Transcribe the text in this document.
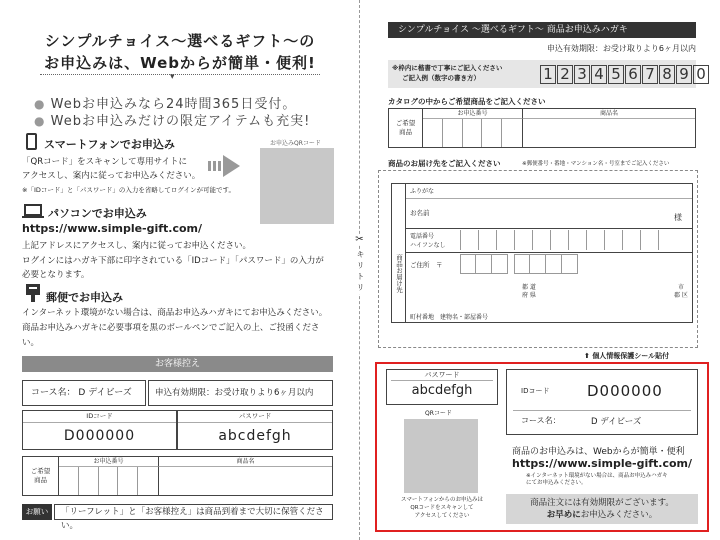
シンプルチョイス～選べるギフト～の
お申込みは、Webからが簡単・便利!
▾
● Webお申込みなら24時間365日受付。
● Webお申込みだけの限定アイテムも充実!
スマートフォンでお申込み
「QRコード」をスキャンして専用サイトに
アクセスし、案内に従ってお申込みください。
※「IDコード」と「パスワード」の入力を省略してログインが可能です。
お申込みQRコード
パソコンでお申込み
https://www.simple-gift.com/
上記アドレスにアクセスし、案内に従ってお申込ください。
ログインにはハガキ下部に印字されている「IDコード」「パスワード」の入力が
必要となります。
郵便でお申込み
インターネット環境がない場合は、商品お申込みハガキにてお申込みください。
商品お申込みハガキに必要事項を黒のボールペンでご記入の上、ご投函くださ
い。
お客様控え
コース名： D デイビーズ	申込有効期限：お受け取りより6ヶ月以内
IDコード
D000000
パスワード
abcdefgh
ご希望
商品
お申込番号	商品名
お願い	「リーフレット」と「お客様控え」は商品到着まで大切に保管ください。
✂
キリトリ
シンプルチョイス ～選べるギフト～ 商品お申込みハガキ
申込有効期限：お受け取りより6ヶ月以内
※枠内に楷書で丁寧にご記入ください
ご記入例（数字の書き方）	1 2 3 4 5 6 7 8 9 0
カタログの中からご希望商品をご記入ください
ご希望
商品
お申込番号	商品名
商品のお届け先をご記入ください	※郵便番号・番地・マンション名・号室までご記入ください
商品お届け先
ふりがな
お名前	様
電話番号
ハイフンなし
ご住所　 〒
都 道
府 県
市
郡 区
町村番地　建物名・部屋番号
⬆ 個人情報保護シール貼付
パスワード
abcdefgh
QRコード
スマートフォンからのお申込みは
QRコードをスキャンして
アクセスしてください
IDコード	D000000
コース名：	D デイビーズ
商品のお申込みは、Webからが簡単・便利
https://www.simple-gift.com/
※インターネット環境がない場合は、商品お申込みハガキ
にてお申込みください。
商品注文には有効期限がございます。
お早めにお申込みください。
